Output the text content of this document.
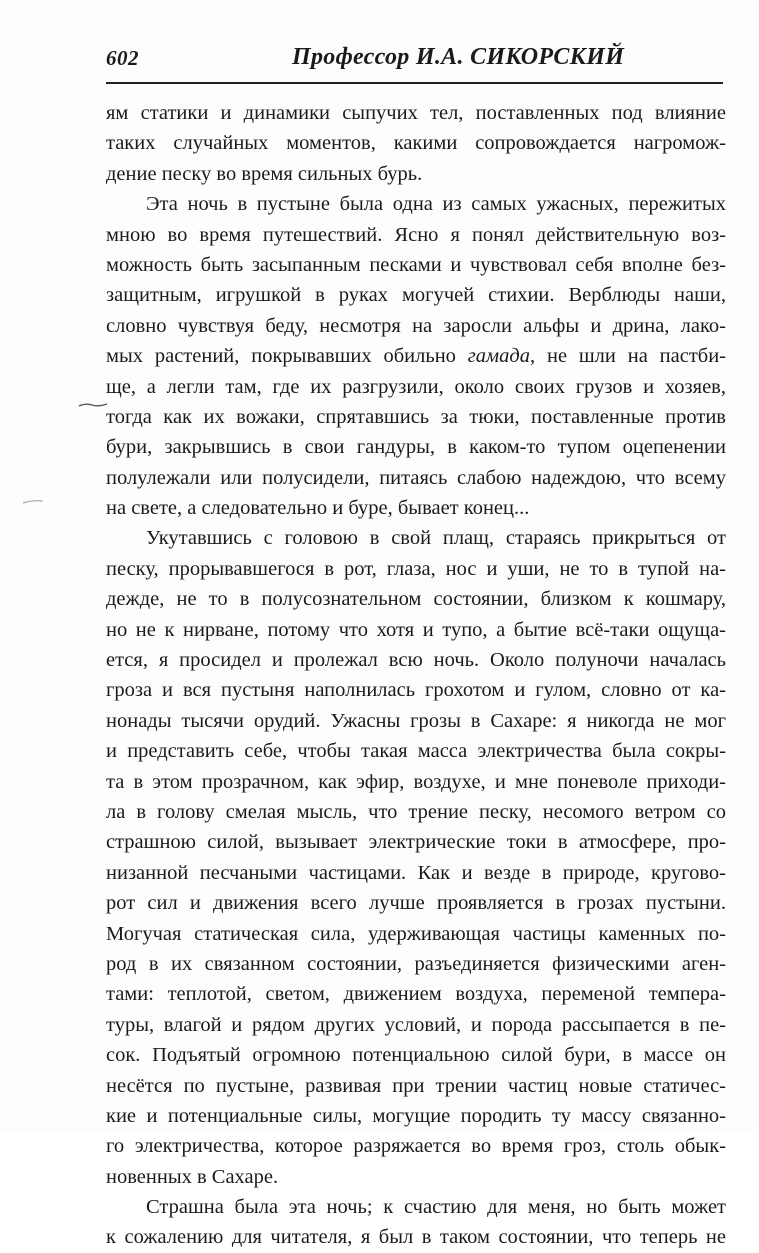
602	Профессор И.А. СИКОРСКИЙ
ям статики и динамики сыпучих тел, поставленных под влияние
таких случайных моментов, какими сопровождается нагромож-
дение песку во время сильных бурь.
Эта ночь в пустыне была одна из самых ужасных, пережитых
мною во время путешествий. Ясно я понял действительную воз-
можность быть засыпанным песками и чувствовал себя вполне без-
защитным, игрушкой в руках могучей стихии. Верблюды наши,
словно чувствуя беду, несмотря на заросли альфы и дрина, лако-
мых растений, покрывавших обильно гамада, не шли на пастби-
ще, а легли там, где их разгрузили, около своих грузов и хозяев,
тогда как их вожаки, спрятавшись за тюки, поставленные против
бури, закрывшись в свои гандуры, в каком-то тупом оцепенении
полулежали или полусидели, питаясь слабою надеждою, что всему
на свете, а следовательно и буре, бывает конец...
Укутавшись с головою в свой плащ, стараясь прикрыться от
песку, прорывавшегося в рот, глаза, нос и уши, не то в тупой на-
дежде, не то в полусознательном состоянии, близком к кошмару,
но не к нирване, потому что хотя и тупо, а бытие всё-таки ощуща-
ется, я просидел и пролежал всю ночь. Около полуночи началась
гроза и вся пустыня наполнилась грохотом и гулом, словно от ка-
нонады тысячи орудий. Ужасны грозы в Сахаре: я никогда не мог
и представить себе, чтобы такая масса электричества была сокры-
та в этом прозрачном, как эфир, воздухе, и мне поневоле приходи-
ла в голову смелая мысль, что трение песку, несомого ветром со
страшною силой, вызывает электрические токи в атмосфере, про-
низанной песчаными частицами. Как и везде в природе, кругово-
рот сил и движения всего лучше проявляется в грозах пустыни.
Могучая статическая сила, удерживающая частицы каменных по-
род в их связанном состоянии, разъединяется физическими аген-
тами: теплотой, светом, движением воздуха, переменой темпера-
туры, влагой и рядом других условий, и порода рассыпается в пе-
сок. Подъятый огромною потенциальною силой бури, в массе он
несётся по пустыне, развивая при трении частиц новые статичес-
кие и потенциальные силы, могущие породить ту массу связанно-
го электричества, которое разряжается во время гроз, столь обык-
новенных в Сахаре.
Страшна была эта ночь; к счастию для меня, но быть может
к сожалению для читателя, я был в таком состоянии, что теперь не
